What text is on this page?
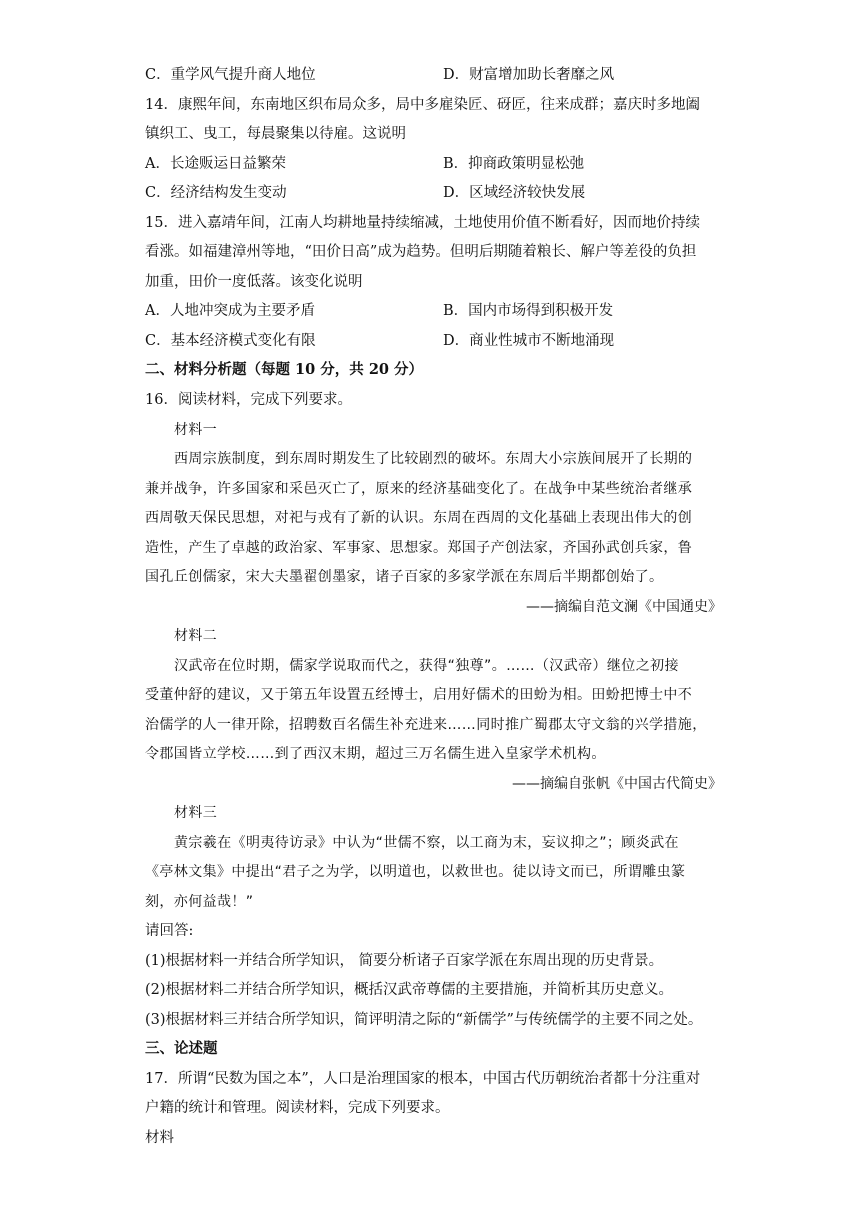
C．重学风气提升商人地位	D．财富增加助长奢靡之风
14．康熙年间，东南地区织布局众多，局中多雇染匠、砑匠，往来成群；嘉庆时多地阖
镇织工、曳工，每晨聚集以待雇。这说明
A．长途贩运日益繁荣	B．抑商政策明显松弛
C．经济结构发生变动	D．区域经济较快发展
15．进入嘉靖年间，江南人均耕地量持续缩减，土地使用价值不断看好，因而地价持续
看涨。如福建漳州等地，“田价日高”成为趋势。但明后期随着粮长、解户等差役的负担
加重，田价一度低落。该变化说明
A．人地冲突成为主要矛盾	B．国内市场得到积极开发
C．基本经济模式变化有限	D．商业性城市不断地涌现
二、材料分析题（每题 10 分，共 20 分）
16．阅读材料，完成下列要求。
材料一
西周宗族制度，到东周时期发生了比较剧烈的破坏。东周大小宗族间展开了长期的
兼并战争，许多国家和采邑灭亡了，原来的经济基础变化了。在战争中某些统治者继承
西周敬天保民思想，对祀与戎有了新的认识。东周在西周的文化基础上表现出伟大的创
造性，产生了卓越的政治家、军事家、思想家。郑国子产创法家，齐国孙武创兵家，鲁
国孔丘创儒家，宋大夫墨翟创墨家，诸子百家的多家学派在东周后半期都创始了。
——摘编自范文澜《中国通史》
材料二
汉武帝在位时期，儒家学说取而代之，获得“独尊”。……（汉武帝）继位之初接
受董仲舒的建议，又于第五年设置五经博士，启用好儒术的田蚡为相。田蚡把博士中不
治儒学的人一律开除，招聘数百名儒生补充进来……同时推广蜀郡太守文翁的兴学措施，
令郡国皆立学校……到了西汉末期，超过三万名儒生进入皇家学术机构。
——摘编自张帆《中国古代简史》
材料三
黄宗羲在《明夷待访录》中认为“世儒不察，以工商为末，妄议抑之”；顾炎武在
《亭林文集》中提出“君子之为学，以明道也，以救世也。徒以诗文而已，所谓雕虫篆
刻，亦何益哉！”
请回答:
(1)根据材料一并结合所学知识， 简要分析诸子百家学派在东周出现的历史背景。
(2)根据材料二并结合所学知识，概括汉武帝尊儒的主要措施，并简析其历史意义。
(3)根据材料三并结合所学知识，简评明清之际的“新儒学”与传统儒学的主要不同之处。
三、论述题
17．所谓“民数为国之本”，人口是治理国家的根本，中国古代历朝统治者都十分注重对
户籍的统计和管理。阅读材料，完成下列要求。
材料
